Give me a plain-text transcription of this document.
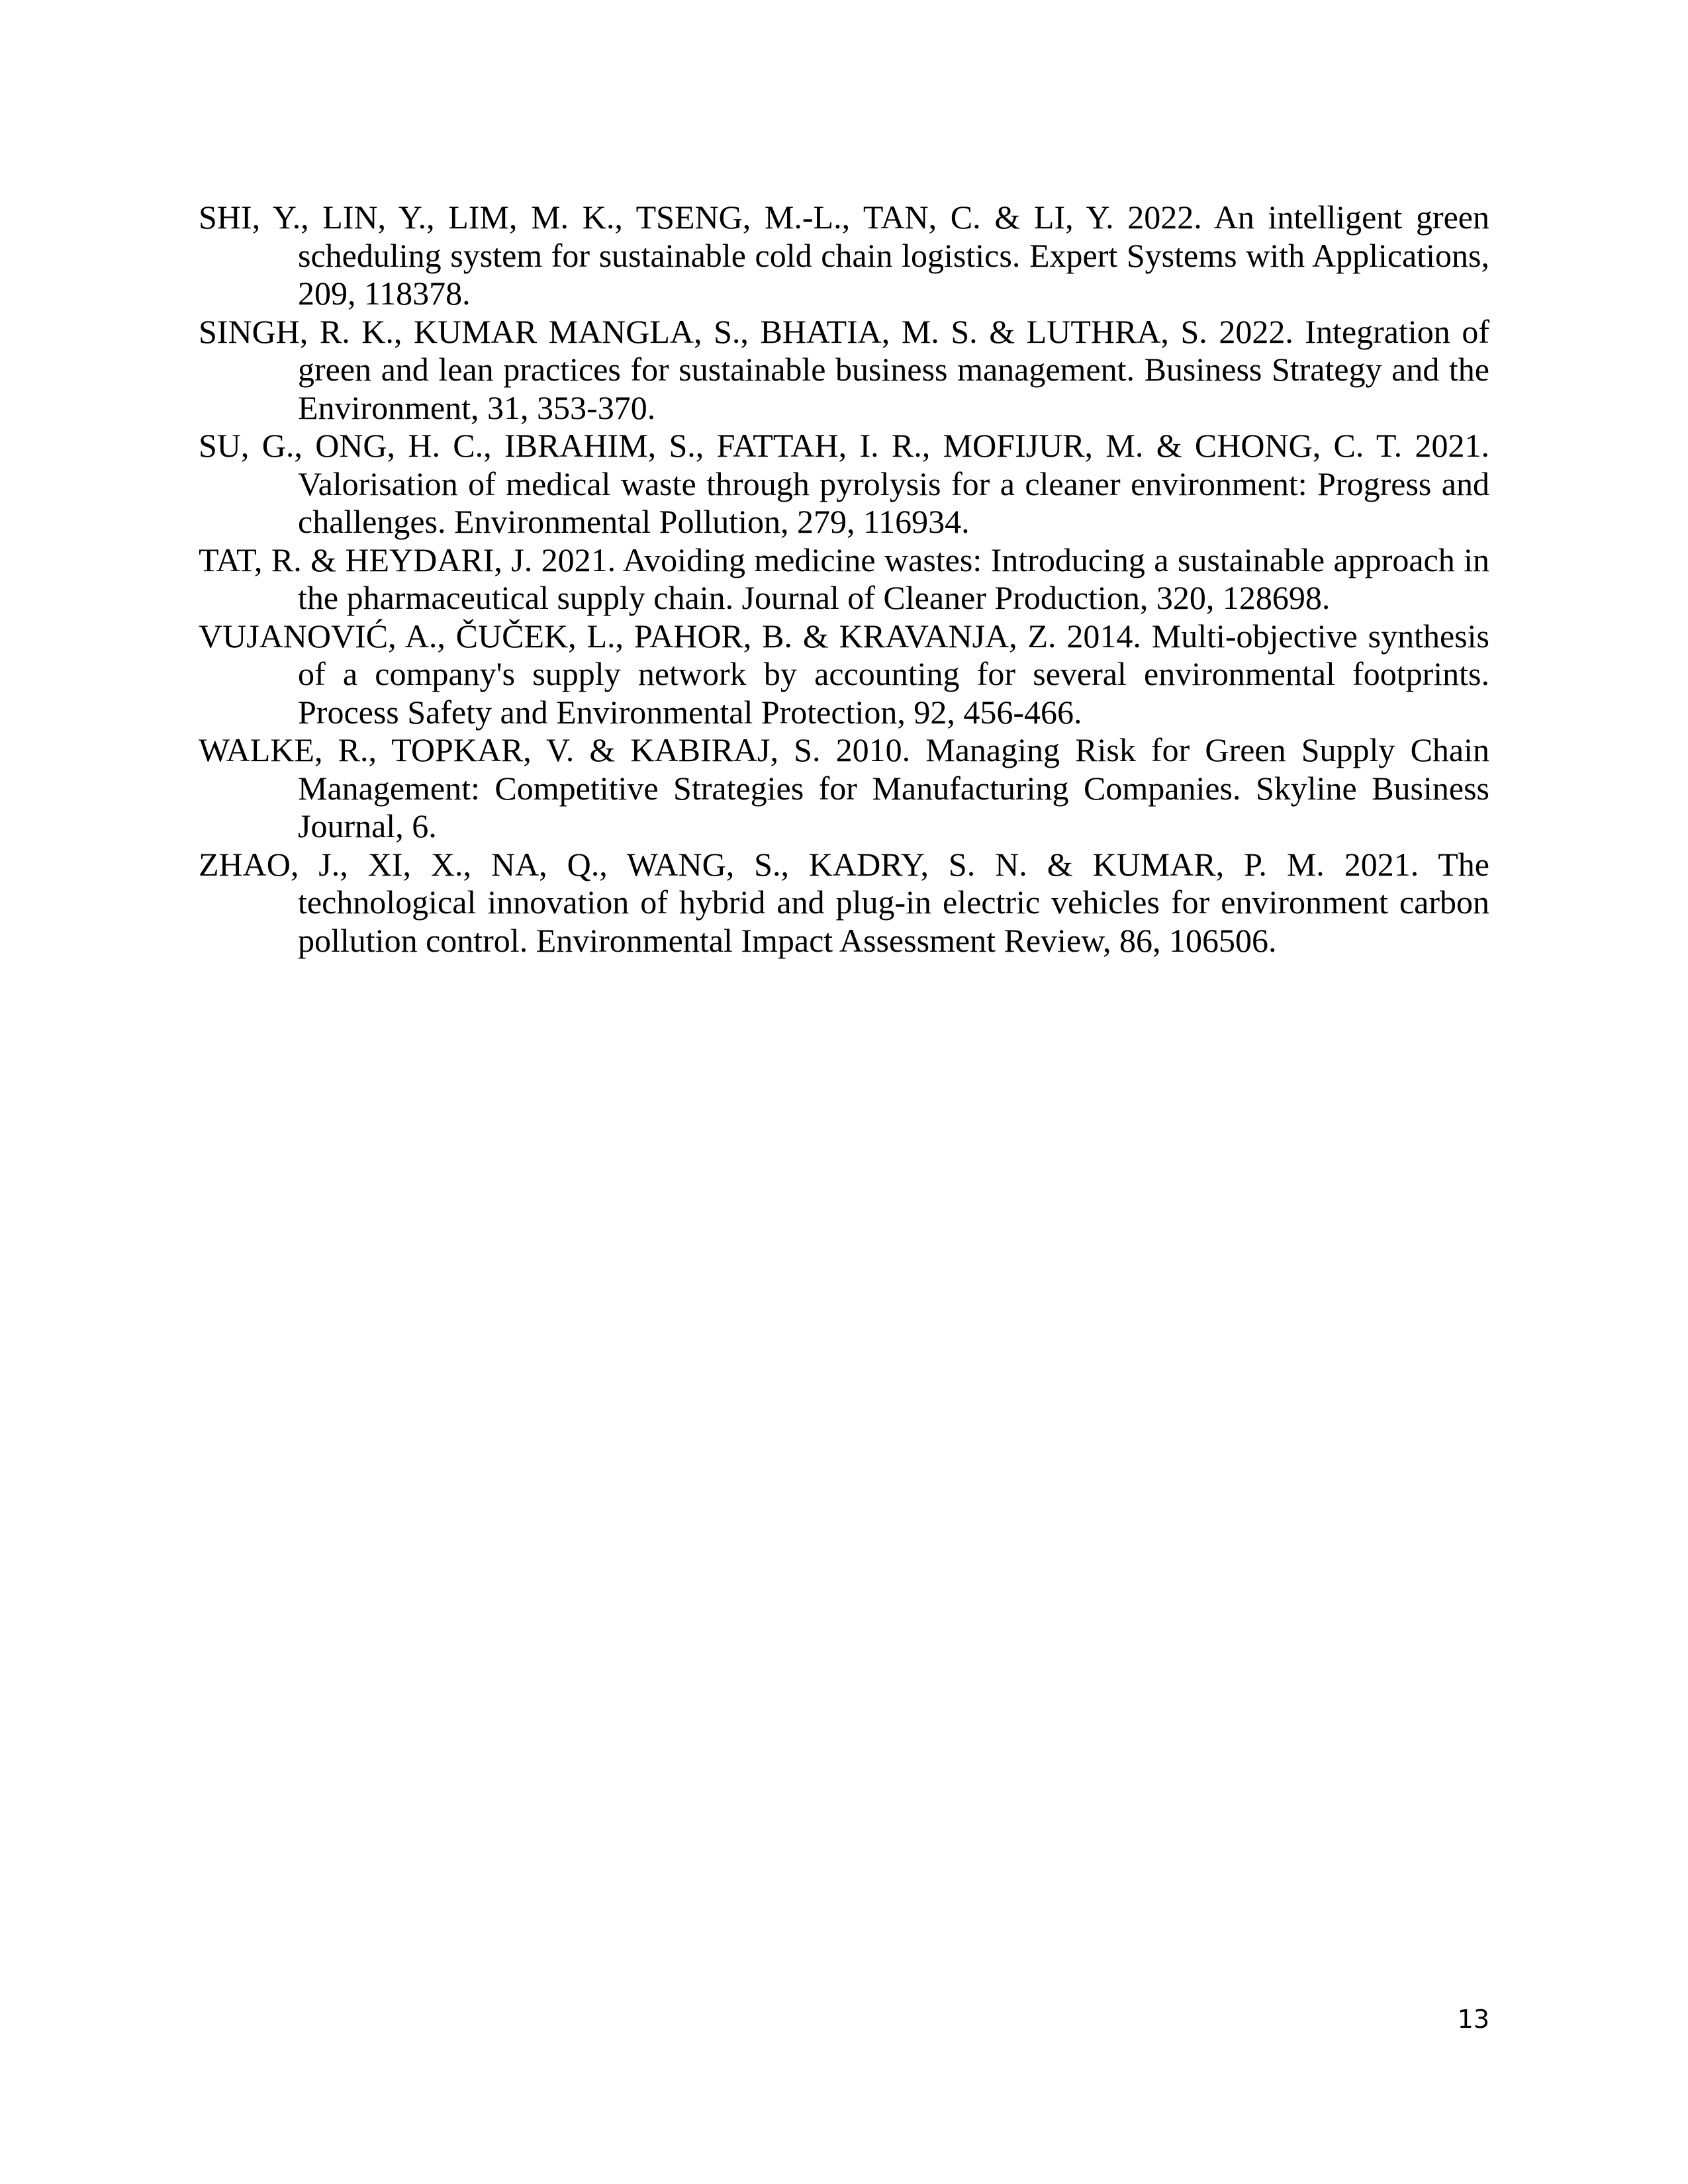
SHI, Y., LIN, Y., LIM, M. K., TSENG, M.-L., TAN, C. & LI, Y. 2022. An intelligent green scheduling system for sustainable cold chain logistics. Expert Systems with Applications, 209, 118378.
SINGH, R. K., KUMAR MANGLA, S., BHATIA, M. S. & LUTHRA, S. 2022. Integration of green and lean practices for sustainable business management. Business Strategy and the Environment, 31, 353-370.
SU, G., ONG, H. C., IBRAHIM, S., FATTAH, I. R., MOFIJUR, M. & CHONG, C. T. 2021. Valorisation of medical waste through pyrolysis for a cleaner environment: Progress and challenges. Environmental Pollution, 279, 116934.
TAT, R. & HEYDARI, J. 2021. Avoiding medicine wastes: Introducing a sustainable approach in the pharmaceutical supply chain. Journal of Cleaner Production, 320, 128698.
VUJANOVIĆ, A., ČUČEK, L., PAHOR, B. & KRAVANJA, Z. 2014. Multi-objective synthesis of a company's supply network by accounting for several environmental footprints. Process Safety and Environmental Protection, 92, 456-466.
WALKE, R., TOPKAR, V. & KABIRAJ, S. 2010. Managing Risk for Green Supply Chain Management: Competitive Strategies for Manufacturing Companies. Skyline Business Journal, 6.
ZHAO, J., XI, X., NA, Q., WANG, S., KADRY, S. N. & KUMAR, P. M. 2021. The technological innovation of hybrid and plug-in electric vehicles for environment carbon pollution control. Environmental Impact Assessment Review, 86, 106506.
13
